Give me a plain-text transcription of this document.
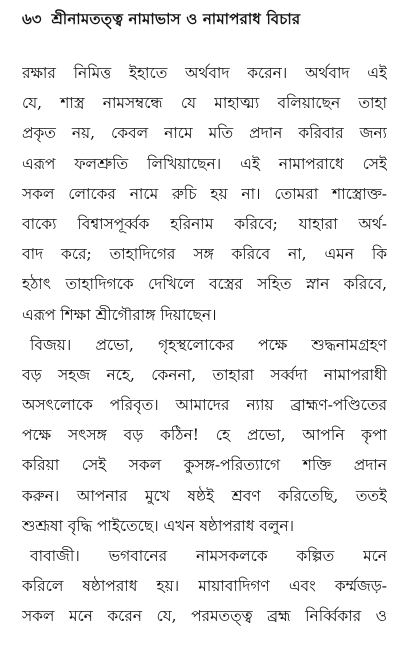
৬৩ শ্রীনামতত্ত্ব নামাভাস ও নামাপরাধ বিচার
রক্ষার নিমিত্ত ইহাতে অর্থবাদ করেন। অর্থবাদ এই
যে, শাস্ত্র নামসম্বন্ধে যে মাহাত্ম্য বলিয়াছেন তাহা
প্রকৃত নয়, কেবল নামে মতি প্রদান করিবার জন্য
এরূপ ফলশ্রুতি লিখিয়াছেন। এই নামাপরাধে সেই
সকল লোকের নামে রুচি হয় না। তোমরা শাস্ত্রোক্ত-
বাক্যে বিশ্বাসপূর্ব্বক হরিনাম করিবে; যাহারা অর্থ-
বাদ করে; তাহাদিগের সঙ্গ করিবে না, এমন কি
হঠাৎ তাহাদিগকে দেখিলে বস্ত্রের সহিত স্নান করিবে,
এরূপ শিক্ষা শ্রীগৌরাঙ্গ দিয়াছেন।
বিজয়। প্রভো, গৃহস্থলোকের পক্ষে শুদ্ধনামগ্রহণ
বড় সহজ নহে, কেননা, তাহারা সর্ব্বদা নামাপরাধী
অসৎলোকে পরিবৃত। আমাদের ন্যায় ব্রাহ্মণ-পণ্ডিতের
পক্ষে সৎসঙ্গ বড় কঠিন! হে প্রভো, আপনি কৃপা
করিয়া সেই সকল কুসঙ্গ-পরিত্যাগে শক্তি প্রদান
করুন। আপনার মুখে ষষ্ঠই শ্রবণ করিতেছি, ততই
শুশ্রূষা বৃদ্ধি পাইতেছে। এখন ষষ্ঠাপরাধ বলুন।
বাবাজী। ভগবানের নামসকলকে কল্পিত মনে
করিলে ষষ্ঠাপরাধ হয়। মায়াবাদিগণ এবং কর্ম্মজড়-
সকল মনে করেন যে, পরমতত্ত্ব ব্রহ্ম নির্ব্বিকার ও
